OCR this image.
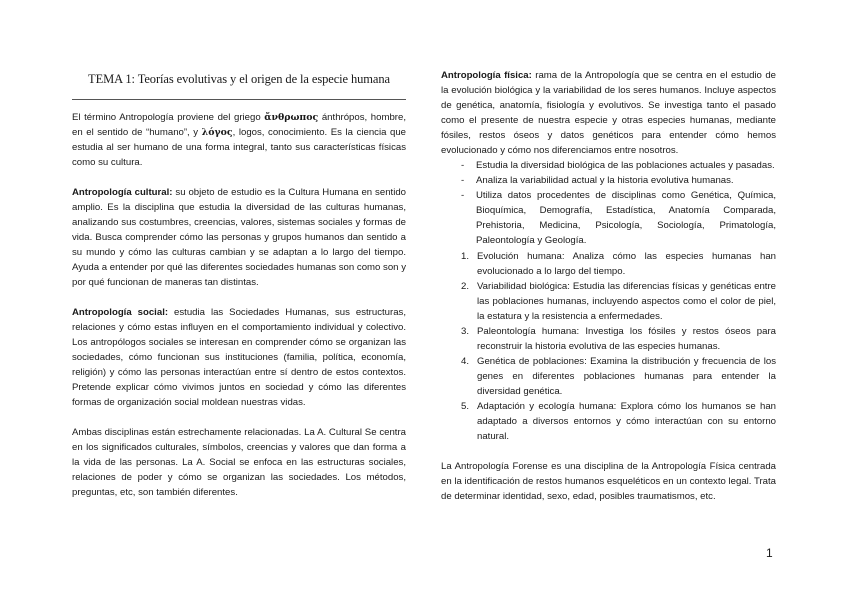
TEMA 1: Teorías evolutivas y el origen de la especie humana

El término Antropología proviene del griego ἄνθρωπος ánthrópos, hombre, en el sentido de “humano”, y λόγος, logos, conocimiento. Es la ciencia que estudia al ser humano de una forma integral, tanto sus características físicas como su cultura.

Antropología cultural: su objeto de estudio es la Cultura Humana en sentido amplio. Es la disciplina que estudia la diversidad de las culturas humanas, analizando sus costumbres, creencias, valores, sistemas sociales y formas de vida. Busca comprender cómo las personas y grupos humanos dan sentido a su mundo y cómo las culturas cambian y se adaptan a lo largo del tiempo. Ayuda a entender por qué las diferentes sociedades humanas son como son y por qué funcionan de maneras tan distintas.

Antropología social: estudia las Sociedades Humanas, sus estructuras, relaciones y cómo estas influyen en el comportamiento individual y colectivo. Los antropólogos sociales se interesan en comprender cómo se organizan las sociedades, cómo funcionan sus instituciones (familia, política, economía, religión) y cómo las personas interactúan entre sí dentro de estos contextos. Pretende explicar cómo vivimos juntos en sociedad y cómo las diferentes formas de organización social moldean nuestras vidas.

Ambas disciplinas están estrechamente relacionadas. La A. Cultural Se centra en los significados culturales, símbolos, creencias y valores que dan forma a la vida de las personas. La A. Social se enfoca en las estructuras sociales, relaciones de poder y cómo se organizan las sociedades. Los métodos, preguntas, etc, son también diferentes.

Antropología física: rama de la Antropología que se centra en el estudio de la evolución biológica y la variabilidad de los seres humanos. Incluye aspectos de genética, anatomía, fisiología y evolutivos. Se investiga tanto el pasado como el presente de nuestra especie y otras especies humanas, mediante fósiles, restos óseos y datos genéticos para entender cómo hemos evolucionado y cómo nos diferenciamos entre nosotros.

- Estudia la diversidad biológica de las poblaciones actuales y pasadas.
- Analiza la variabilidad actual y la historia evolutiva humanas.
- Utiliza datos procedentes de disciplinas como Genética, Química, Bioquímica, Demografía, Estadística, Anatomía Comparada, Prehistoria, Medicina, Psicología, Sociología, Primatología, Paleontología y Geología.
1. Evolución humana: Analiza cómo las especies humanas han evolucionado a lo largo del tiempo.
2. Variabilidad biológica: Estudia las diferencias físicas y genéticas entre las poblaciones humanas, incluyendo aspectos como el color de piel, la estatura y la resistencia a enfermedades.
3. Paleontología humana: Investiga los fósiles y restos óseos para reconstruir la historia evolutiva de las especies humanas.
4. Genética de poblaciones: Examina la distribución y frecuencia de los genes en diferentes poblaciones humanas para entender la diversidad genética.
5. Adaptación y ecología humana: Explora cómo los humanos se han adaptado a diversos entornos y cómo interactúan con su entorno natural.

La Antropología Forense es una disciplina de la Antropología Física centrada en la identificación de restos humanos esqueléticos en un contexto legal. Trata de determinar identidad, sexo, edad, posibles traumatismos, etc.

1
